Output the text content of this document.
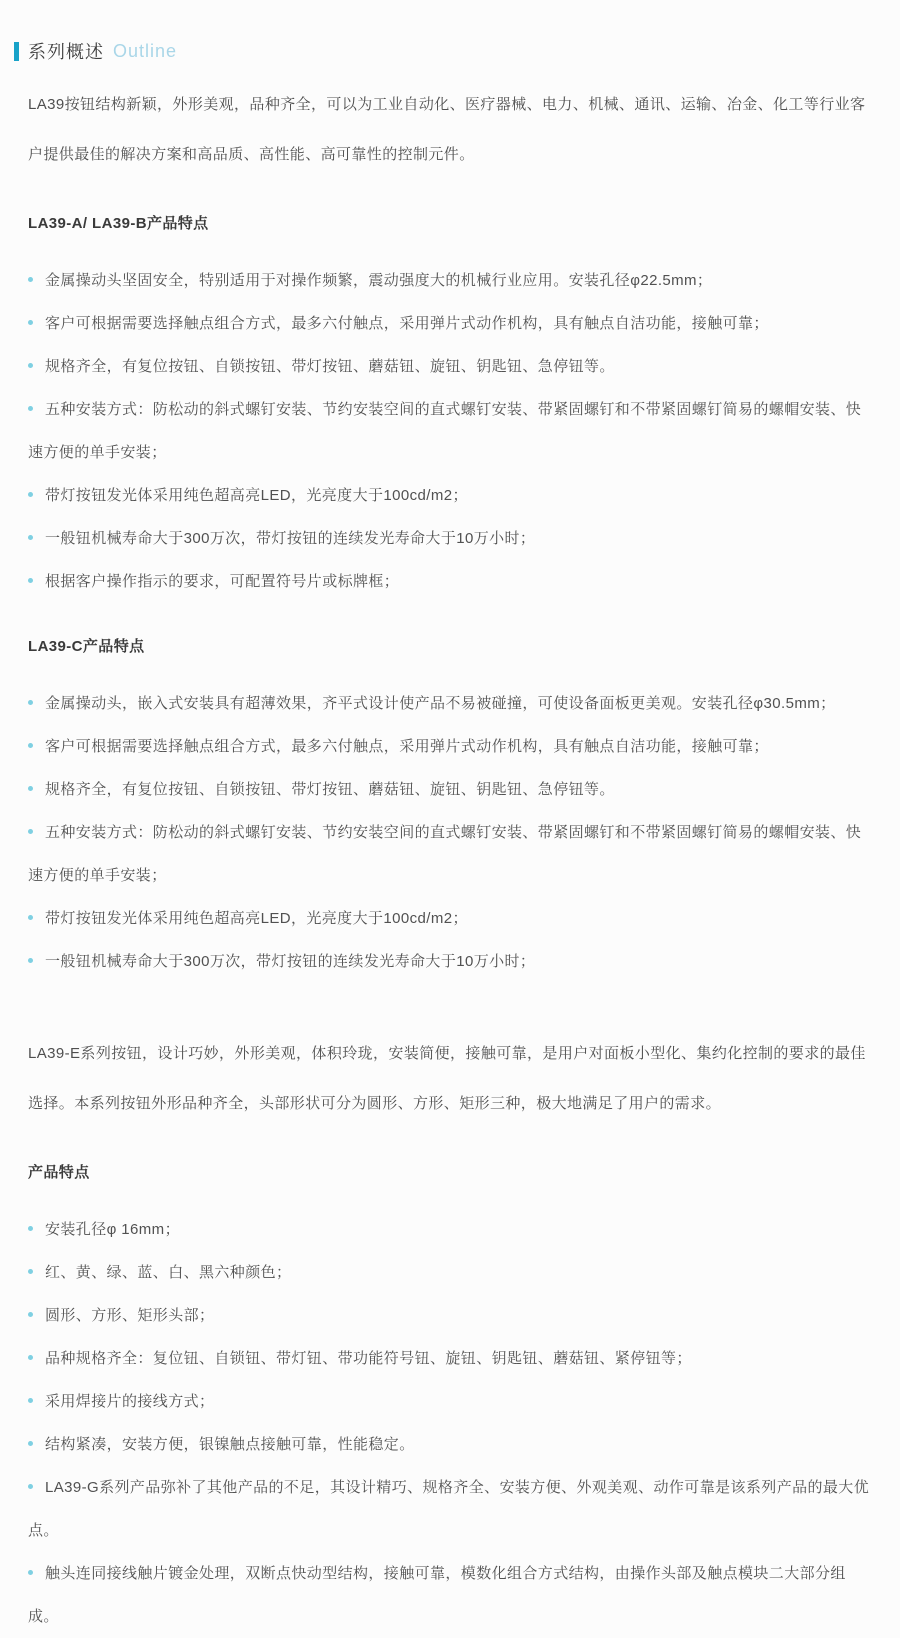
系列概述 Outline

LA39按钮结构新颖，外形美观，品种齐全，可以为工业自动化、医疗器械、电力、机械、通讯、运输、冶金、化工等行业客户提供最佳的解决方案和高品质、高性能、高可靠性的控制元件。

LA39-A/ LA39-B产品特点
金属操动头坚固安全，特别适用于对操作频繁，震动强度大的机械行业应用。安装孔径φ22.5mm；
客户可根据需要选择触点组合方式，最多六付触点，采用弹片式动作机构，具有触点自洁功能，接触可靠；
规格齐全，有复位按钮、自锁按钮、带灯按钮、蘑菇钮、旋钮、钥匙钮、急停钮等。
五种安装方式：防松动的斜式螺钉安装、节约安装空间的直式螺钉安装、带紧固螺钉和不带紧固螺钉简易的螺帽安装、快速方便的单手安装；
带灯按钮发光体采用纯色超高亮LED，光亮度大于100cd/m2；
一般钮机械寿命大于300万次，带灯按钮的连续发光寿命大于10万小时；
根据客户操作指示的要求，可配置符号片或标牌框；
LA39-C产品特点
金属操动头，嵌入式安装具有超薄效果，齐平式设计使产品不易被碰撞，可使设备面板更美观。安装孔径φ30.5mm；
客户可根据需要选择触点组合方式，最多六付触点，采用弹片式动作机构，具有触点自洁功能，接触可靠；
规格齐全，有复位按钮、自锁按钮、带灯按钮、蘑菇钮、旋钮、钥匙钮、急停钮等。
五种安装方式：防松动的斜式螺钉安装、节约安装空间的直式螺钉安装、带紧固螺钉和不带紧固螺钉简易的螺帽安装、快速方便的单手安装；
带灯按钮发光体采用纯色超高亮LED，光亮度大于100cd/m2；
一般钮机械寿命大于300万次，带灯按钮的连续发光寿命大于10万小时；

LA39-E系列按钮，设计巧妙，外形美观，体积玲珑，安装简便，接触可靠，是用户对面板小型化、集约化控制的要求的最佳选择。本系列按钮外形品种齐全，头部形状可分为圆形、方形、矩形三种，极大地满足了用户的需求。

产品特点
安装孔径φ 16mm；
红、黄、绿、蓝、白、黑六种颜色；
圆形、方形、矩形头部；
品种规格齐全：复位钮、自锁钮、带灯钮、带功能符号钮、旋钮、钥匙钮、蘑菇钮、紧停钮等；
采用焊接片的接线方式；
结构紧凑，安装方便，银镍触点接触可靠，性能稳定。
LA39-G系列产品弥补了其他产品的不足，其设计精巧、规格齐全、安装方便、外观美观、动作可靠是该系列产品的最大优点。
触头连同接线触片镀金处理，双断点快动型结构，接触可靠，模数化组合方式结构，由操作头部及触点模块二大部分组成。
